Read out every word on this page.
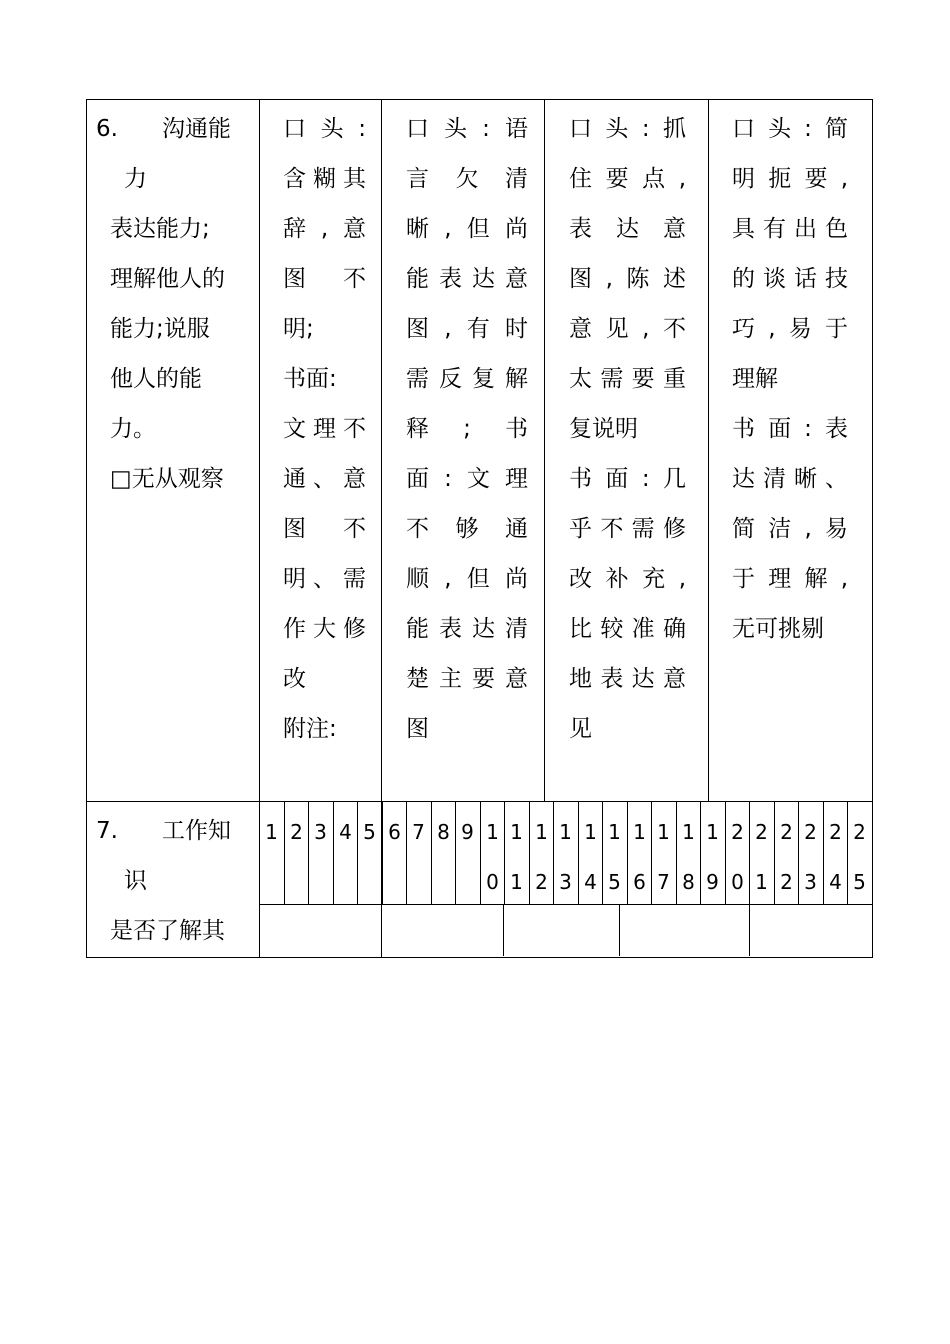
6. 沟通能
力
表达能力;
理解他人的
能力;说服
他人的能
力。
□无从观察
口头:
含糊其
辞,意
图　不
明;
书面:
文理不
通、意
图　不
明、需
作大修
改
附注:
口头:语
言　欠　清
晰,但尚
能表达意
图,有时
需反复解
释　;　书
面:文理
不　够　通
顺,但尚
能表达清
楚主要意
图
口头:抓
住要点,
表　达　意
图,陈述
意见,不
太需要重
复说明
书面:几
乎不需修
改补充,
比较准确
地表达意
见
口头:简
明扼要,
具有出色
的谈话技
巧,易于
理解
书面:表
达清晰、
简洁,易
于理解,
无可挑剔
7. 工作知
识
是否了解其
1 2 3 4 5 6 7 8 9 1
0
1
1
1
2
1
3
1
4
1
5
1
6
1
7
1
8
1
9
2
0
2
1
2
2
2
3
2
4
2
5
